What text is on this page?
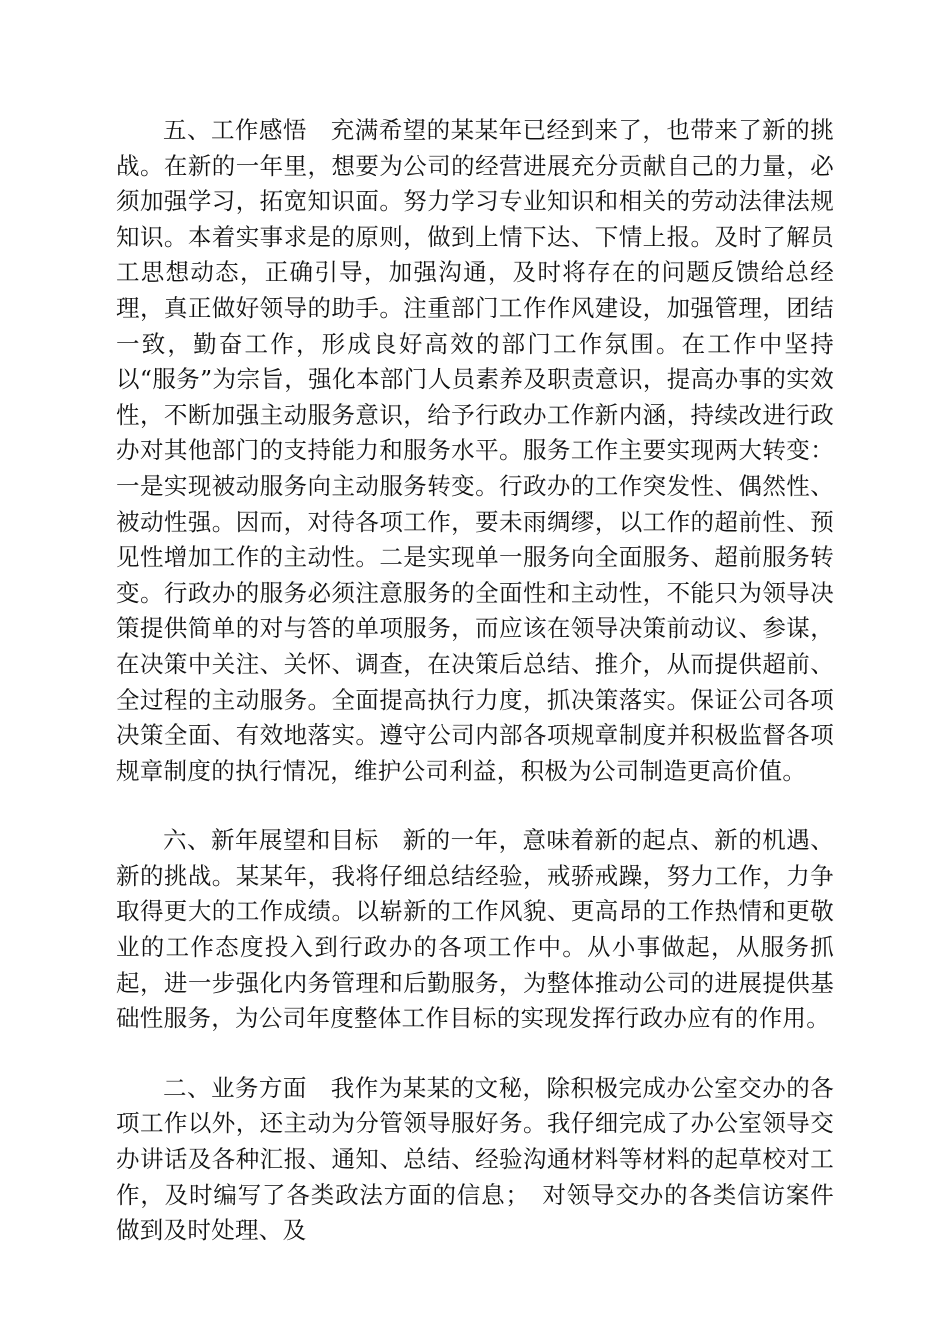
五、工作感悟　充满希望的某某年已经到来了，也带来了新的挑战。在新的一年里，想要为公司的经营进展充分贡献自己的力量，必须加强学习，拓宽知识面。努力学习专业知识和相关的劳动法律法规知识。本着实事求是的原则，做到上情下达、下情上报。及时了解员工思想动态，正确引导，加强沟通，及时将存在的问题反馈给总经理，真正做好领导的助手。注重部门工作作风建设，加强管理，团结一致，勤奋工作，形成良好高效的部门工作氛围。在工作中坚持以“服务”为宗旨，强化本部门人员素养及职责意识，提高办事的实效性，不断加强主动服务意识，给予行政办工作新内涵，持续改进行政办对其他部门的支持能力和服务水平。服务工作主要实现两大转变：一是实现被动服务向主动服务转变。行政办的工作突发性、偶然性、被动性强。因而，对待各项工作，要未雨绸缪，以工作的超前性、预见性增加工作的主动性。二是实现单一服务向全面服务、超前服务转变。行政办的服务必须注意服务的全面性和主动性，不能只为领导决策提供简单的对与答的单项服务，而应该在领导决策前动议、参谋，在决策中关注、关怀、调查，在决策后总结、推介，从而提供超前、全过程的主动服务。全面提高执行力度，抓决策落实。保证公司各项决策全面、有效地落实。遵守公司内部各项规章制度并积极监督各项规章制度的执行情况，维护公司利益，积极为公司制造更高价值。

六、新年展望和目标　新的一年，意味着新的起点、新的机遇、新的挑战。某某年，我将仔细总结经验，戒骄戒躁，努力工作，力争取得更大的工作成绩。以崭新的工作风貌、更高昂的工作热情和更敬业的工作态度投入到行政办的各项工作中。从小事做起，从服务抓起，进一步强化内务管理和后勤服务，为整体推动公司的进展提供基础性服务，为公司年度整体工作目标的实现发挥行政办应有的作用。

二、业务方面　我作为某某的文秘，除积极完成办公室交办的各项工作以外，还主动为分管领导服好务。我仔细完成了办公室领导交办讲话及各种汇报、通知、总结、经验沟通材料等材料的起草校对工作，及时编写了各类政法方面的信息；　对领导交办的各类信访案件做到及时处理、及
